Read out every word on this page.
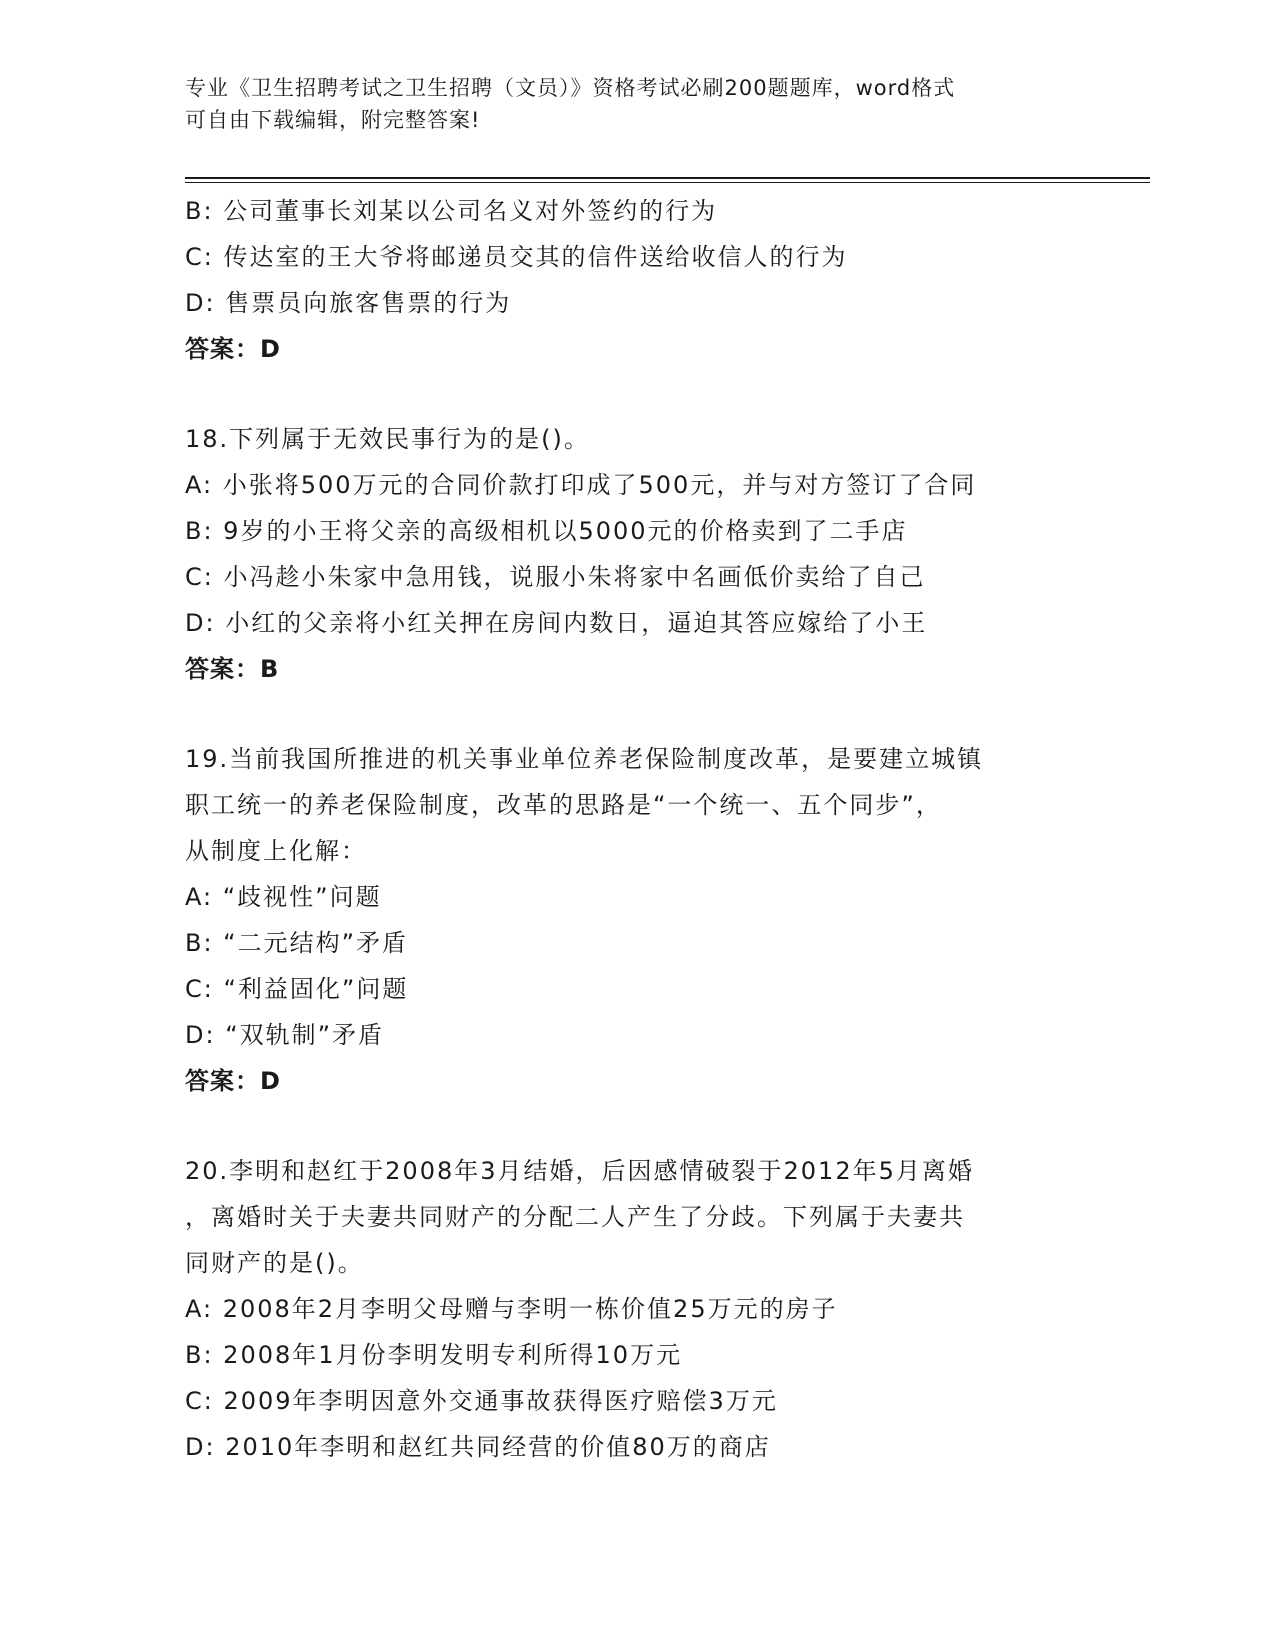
专业《卫生招聘考试之卫生招聘（文员）》资格考试必刷200题题库，word格式
可自由下载编辑，附完整答案!
B: 公司董事长刘某以公司名义对外签约的行为
C: 传达室的王大爷将邮递员交其的信件送给收信人的行为
D: 售票员向旅客售票的行为
答案：D
18.下列属于无效民事行为的是()。
A: 小张将500万元的合同价款打印成了500元，并与对方签订了合同
B: 9岁的小王将父亲的高级相机以5000元的价格卖到了二手店
C: 小冯趁小朱家中急用钱，说服小朱将家中名画低价卖给了自己
D: 小红的父亲将小红关押在房间内数日，逼迫其答应嫁给了小王
答案：B
19.当前我国所推进的机关事业单位养老保险制度改革，是要建立城镇
职工统一的养老保险制度，改革的思路是“一个统一、五个同步”，
从制度上化解：
A: “歧视性”问题
B: “二元结构”矛盾
C: “利益固化”问题
D: “双轨制”矛盾
答案：D
20.李明和赵红于2008年3月结婚，后因感情破裂于2012年5月离婚
，离婚时关于夫妻共同财产的分配二人产生了分歧。下列属于夫妻共
同财产的是()。
A: 2008年2月李明父母赠与李明一栋价值25万元的房子
B: 2008年1月份李明发明专利所得10万元
C: 2009年李明因意外交通事故获得医疗赔偿3万元
D: 2010年李明和赵红共同经营的价值80万的商店
